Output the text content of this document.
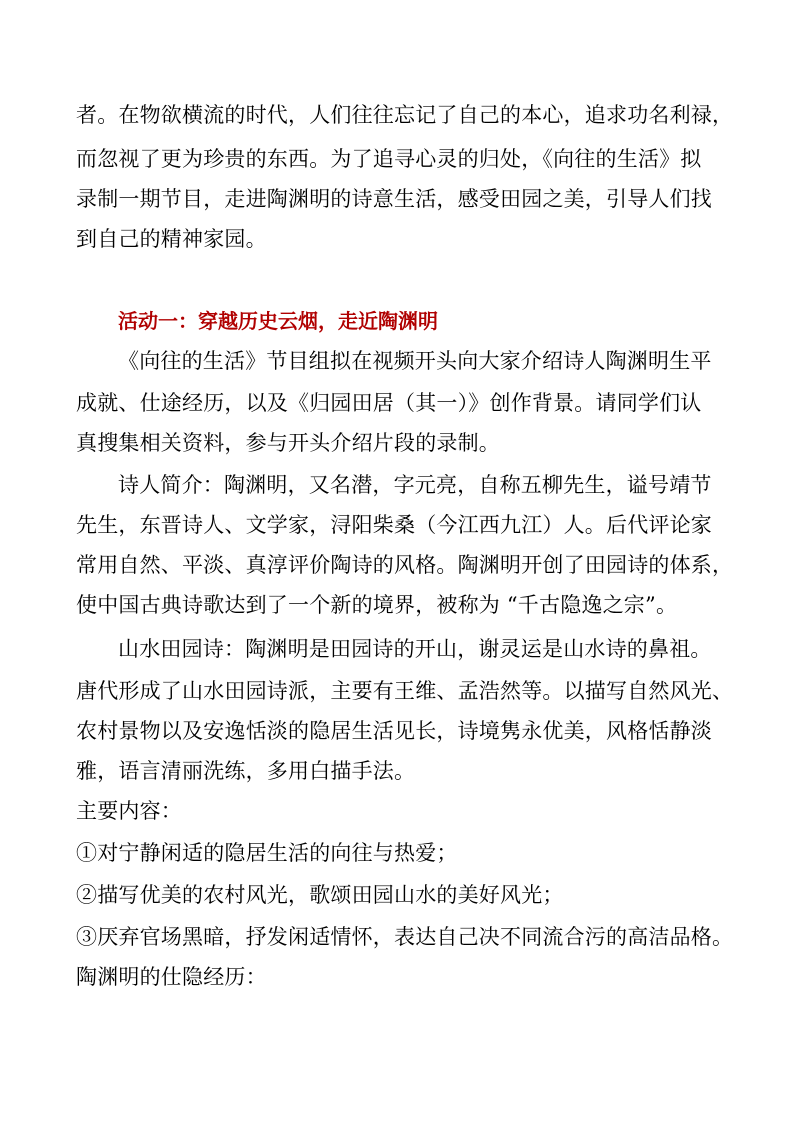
者。在物欲横流的时代，人们往往忘记了自己的本心，追求功名利禄，
而忽视了更为珍贵的东西。为了追寻心灵的归处，《向往的生活》拟
录制一期节目，走进陶渊明的诗意生活，感受田园之美，引导人们找
到自己的精神家园。
活动一：穿越历史云烟，走近陶渊明
《向往的生活》节目组拟在视频开头向大家介绍诗人陶渊明生平
成就、仕途经历，以及《归园田居（其一）》创作背景。请同学们认
真搜集相关资料，参与开头介绍片段的录制。
诗人简介：陶渊明，又名潜，字元亮，自称五柳先生，谥号靖节
先生，东晋诗人、文学家，浔阳柴桑（今江西九江）人。后代评论家
常用自然、平淡、真淳评价陶诗的风格。陶渊明开创了田园诗的体系，
使中国古典诗歌达到了一个新的境界，被称为 “千古隐逸之宗”。
山水田园诗：陶渊明是田园诗的开山，谢灵运是山水诗的鼻祖。
唐代形成了山水田园诗派，主要有王维、孟浩然等。以描写自然风光、
农村景物以及安逸恬淡的隐居生活见长，诗境隽永优美，风格恬静淡
雅，语言清丽洗练，多用白描手法。
主要内容：
①对宁静闲适的隐居生活的向往与热爱；
②描写优美的农村风光，歌颂田园山水的美好风光；
③厌弃官场黑暗，抒发闲适情怀，表达自己决不同流合污的高洁品格。
陶渊明的仕隐经历：
